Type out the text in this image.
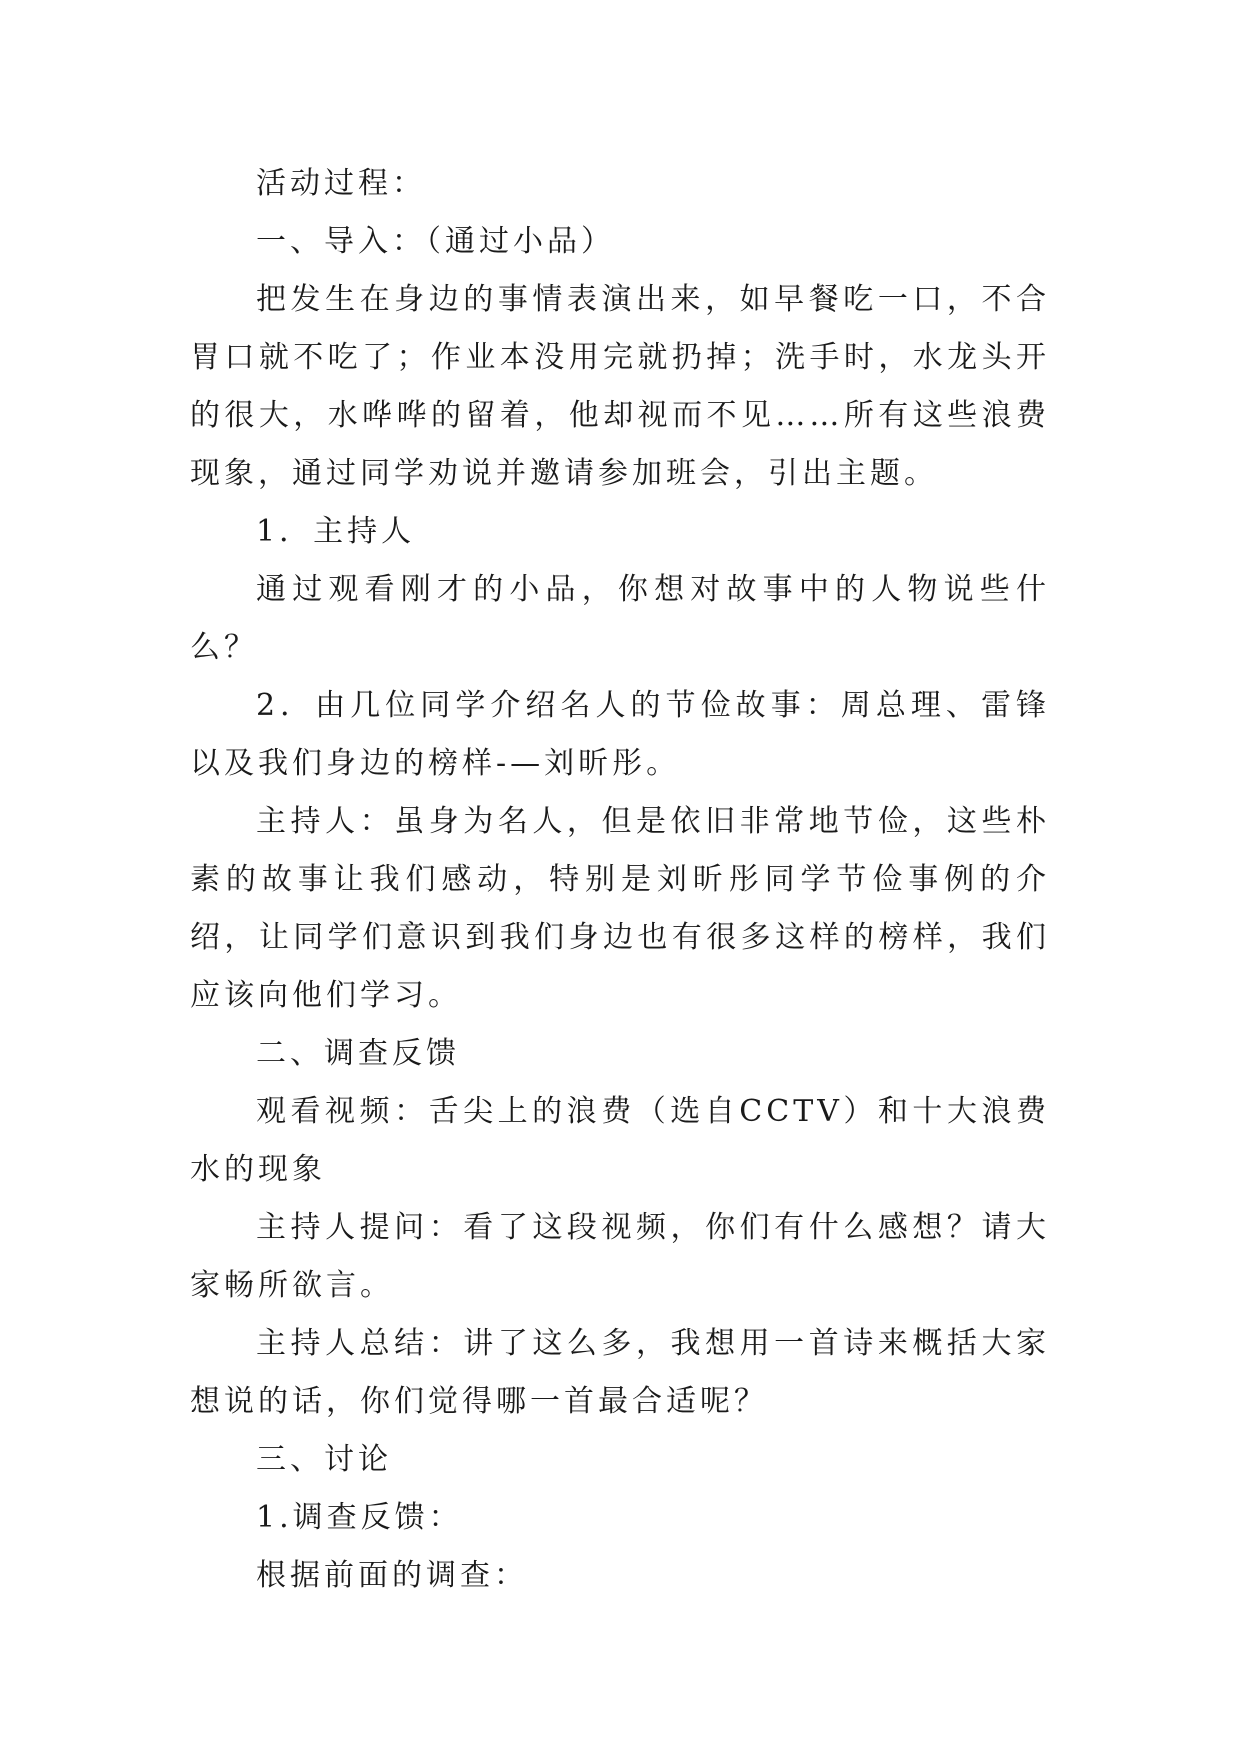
活动过程：

一、导入：（通过小品）

把发生在身边的事情表演出来，如早餐吃一口，不合胃口就不吃了；作业本没用完就扔掉；洗手时，水龙头开的很大，水哗哗的留着，他却视而不见……所有这些浪费现象，通过同学劝说并邀请参加班会，引出主题。

1．主持人

通过观看刚才的小品，你想对故事中的人物说些什么？

2．由几位同学介绍名人的节俭故事：周总理、雷锋以及我们身边的榜样-—刘昕彤。

主持人：虽身为名人，但是依旧非常地节俭，这些朴素的故事让我们感动，特别是刘昕彤同学节俭事例的介绍，让同学们意识到我们身边也有很多这样的榜样，我们应该向他们学习。

二、调查反馈

观看视频：舌尖上的浪费（选自CCTV）和十大浪费水的现象

主持人提问：看了这段视频，你们有什么感想？请大家畅所欲言。

主持人总结：讲了这么多，我想用一首诗来概括大家想说的话，你们觉得哪一首最合适呢？

三、讨论

1.调查反馈：

根据前面的调查：
